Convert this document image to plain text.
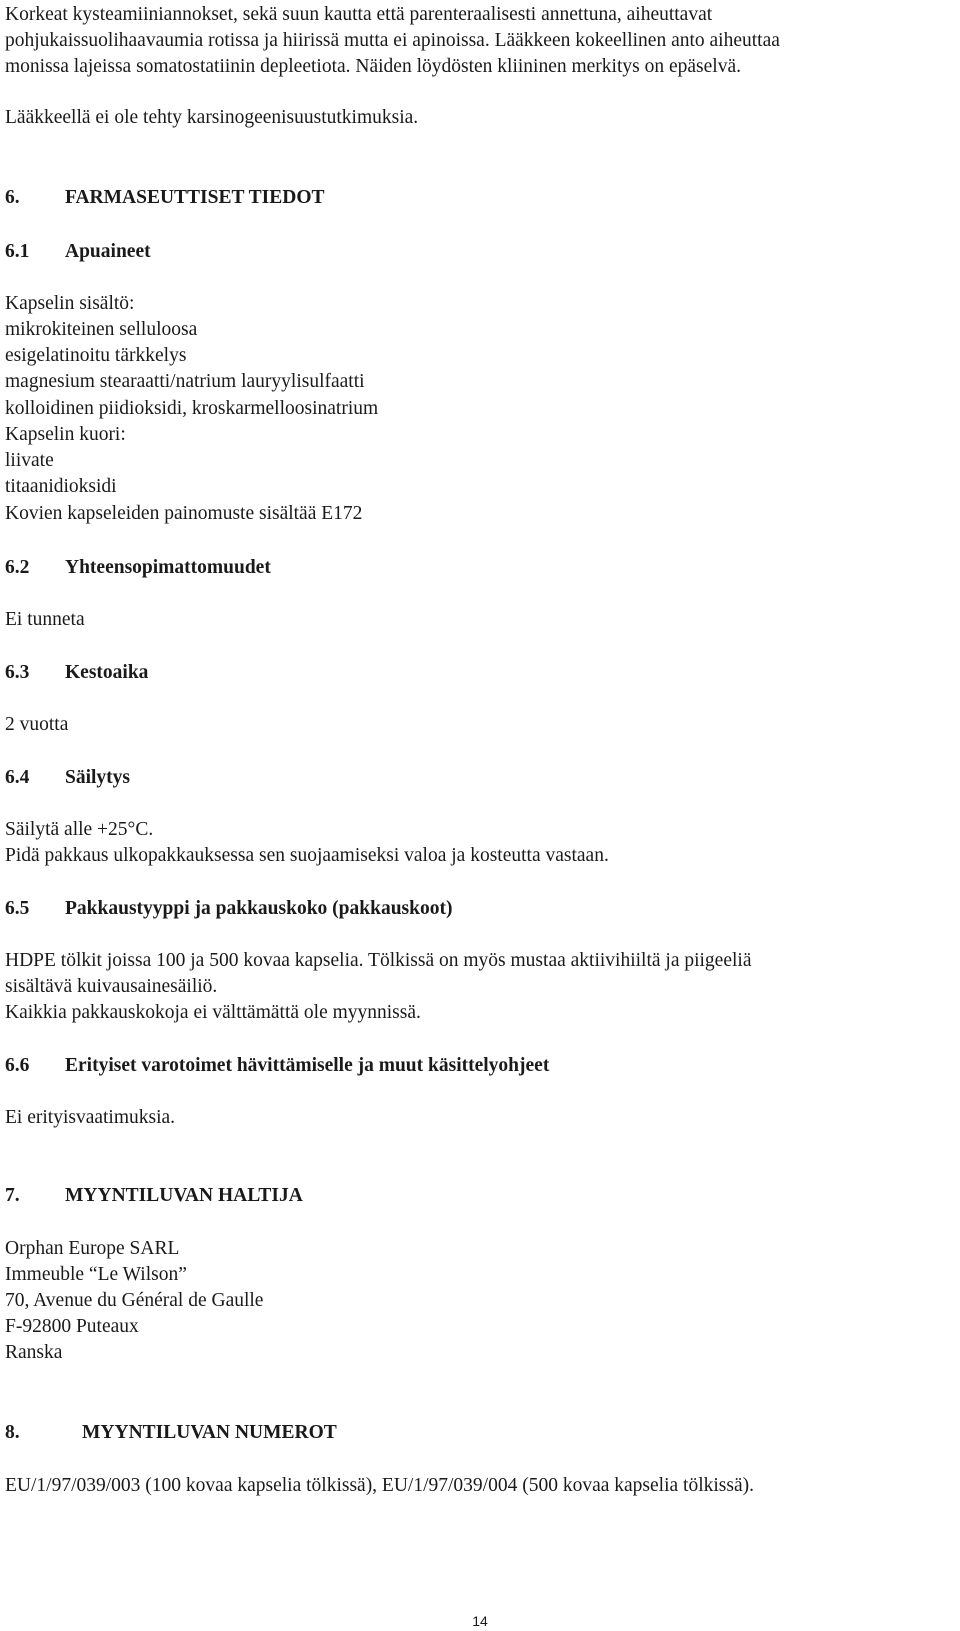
Korkeat kysteamiiniannokset, sekä suun kautta että parenteraalisesti annettuna, aiheuttavat

pohjukaissuolihaavaumia rotissa ja hiirissä mutta ei apinoissa. Lääkkeen kokeellinen anto aiheuttaa

monissa lajeissa somatostatiinin depleetiota. Näiden löydösten kliininen merkitys on epäselvä.

Lääkkeellä ei ole tehty karsinogeenisuustutkimuksia.

6. FARMASEUTTISET TIEDOT

6.1 Apuaineet

Kapselin sisältö:

mikrokiteinen selluloosa

esigelatinoitu tärkkelys

magnesium stearaatti/natrium lauryylisulfaatti

kolloidinen piidioksidi, kroskarmelloosinatrium

Kapselin kuori:

liivate

titaanidioksidi

Kovien kapseleiden painomuste sisältää E172

6.2 Yhteensopimattomuudet

Ei tunneta

6.3 Kestoaika

2 vuotta

6.4 Säilytys

Säilytä alle +25°C.

Pidä pakkaus ulkopakkauksessa sen suojaamiseksi valoa ja kosteutta vastaan.

6.5 Pakkaustyyppi ja pakkauskoko (pakkauskoot)

HDPE tölkit joissa 100 ja 500 kovaa kapselia. Tölkissä on myös mustaa aktiivihiiltä ja piigeeliä

sisältävä kuivausainesäiliö.

Kaikkia pakkauskokoja ei välttämättä ole myynnissä.

6.6 Erityiset varotoimet hävittämiselle ja muut käsittelyohjeet

Ei erityisvaatimuksia.

7. MYYNTILUVAN HALTIJA

Orphan Europe SARL

Immeuble “Le Wilson”

70, Avenue du Général de Gaulle

F-92800 Puteaux

Ranska

8.	MYYNTILUVAN NUMEROT

EU/1/97/039/003 (100 kovaa kapselia tölkissä), EU/1/97/039/004 (500 kovaa kapselia tölkissä).

14
